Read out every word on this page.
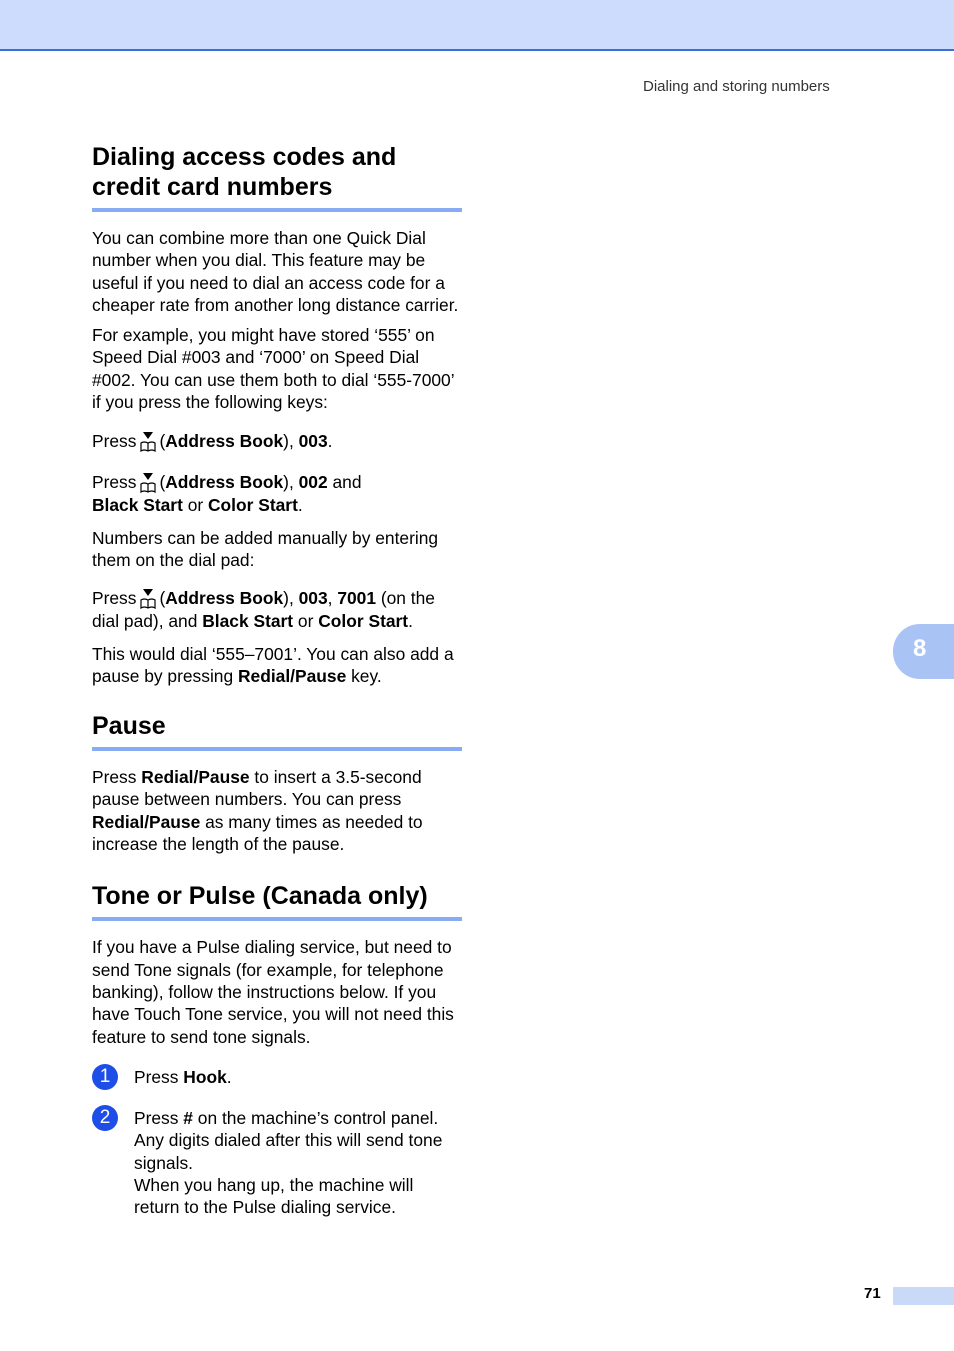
Dialing and storing numbers
8
Dialing access codes and credit card numbers

You can combine more than one Quick Dial number when you dial. This feature may be useful if you need to dial an access code for a cheaper rate from another long distance carrier.

For example, you might have stored ‘555’ on Speed Dial #003 and ‘7000’ on Speed Dial #002. You can use them both to dial ‘555-7000’ if you press the following keys:

Press (Address Book), 003.

Press (Address Book), 002 and
Black Start or Color Start.

Numbers can be added manually by entering them on the dial pad:

Press (Address Book), 003, 7001 (on the dial pad), and Black Start or Color Start.

This would dial ‘555–7001’. You can also add a pause by pressing Redial/Pause key.

Pause

Press Redial/Pause to insert a 3.5-second pause between numbers. You can press Redial/Pause as many times as needed to increase the length of the pause.

Tone or Pulse (Canada only)

If you have a Pulse dialing service, but need to send Tone signals (for example, for telephone banking), follow the instructions below. If you have Touch Tone service, you will not need this feature to send tone signals.

1	Press Hook.
2	Press # on the machine’s control panel. Any digits dialed after this will send tone signals.
When you hang up, the machine will return to the Pulse dialing service.
71
